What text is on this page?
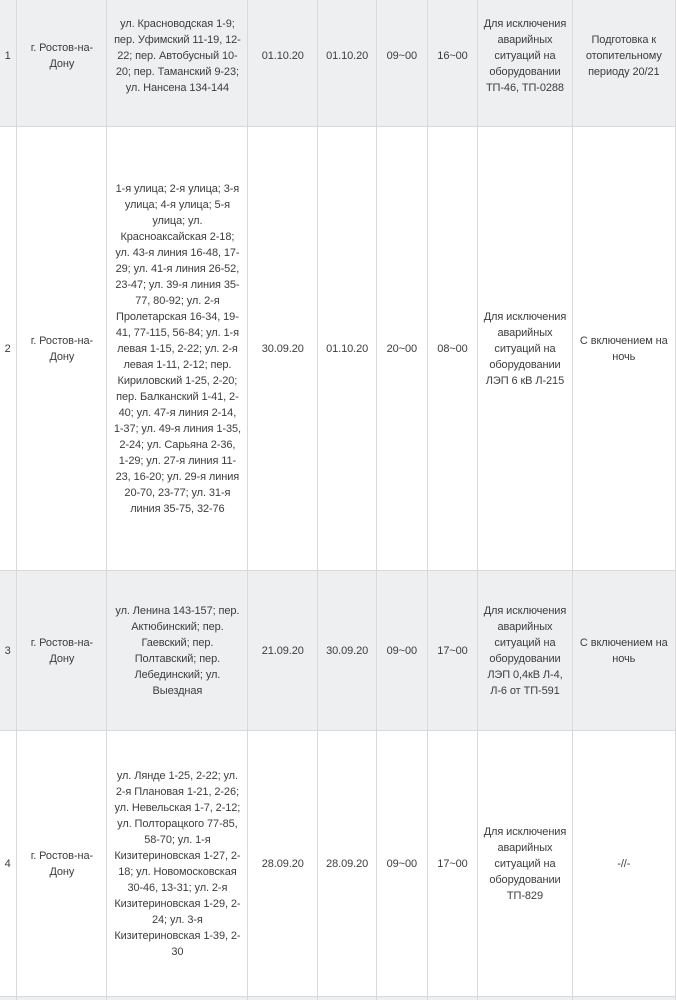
1	г. Ростов-на-Дону	ул. Красноводская 1-9; пер. Уфимский 11-19, 12-22; пер. Автобусный 10-20; пер. Таманский 9-23; ул. Нансена 134-144	01.10.20	01.10.20	09~00	16~00	Для исключения аварийных ситуаций на оборудовании ТП-46, ТП-0288	Подготовка к отопительному периоду 20/21
2	г. Ростов-на-Дону	1-я улица; 2-я улица; 3-я улица; 4-я улица; 5-я улица; ул. Краснoаксайская 2-18; ул. 43-я линия 16-48, 17-29; ул. 41-я линия 26-52, 23-47; ул. 39-я линия 35-77, 80-92; ул. 2-я Пролетарская 16-34, 19-41, 77-115, 56-84; ул. 1-я левая 1-15, 2-22; ул. 2-я левая 1-11, 2-12; пер. Кириловский 1-25, 2-20; пер. Балканский 1-41, 2-40; ул. 47-я линия 2-14, 1-37; ул. 49-я линия 1-35, 2-24; ул. Сарьяна 2-36, 1-29; ул. 27-я линия 11-23, 16-20; ул. 29-я линия 20-70, 23-77; ул. 31-я линия 35-75, 32-76	30.09.20	01.10.20	20~00	08~00	Для исключения аварийных ситуаций на оборудовании ЛЭП 6 кВ Л-215	С включением на ночь
3	г. Ростов-на-Дону	ул. Ленина 143-157; пер. Актюбинский; пер. Гаевский; пер. Полтавский; пер. Лебединский; ул. Выездная	21.09.20	30.09.20	09~00	17~00	Для исключения аварийных ситуаций на оборудовании ЛЭП 0,4кВ Л-4, Л-6 от ТП-591	С включением на ночь
4	г. Ростов-на-Дону	ул. Ляндe 1-25, 2-22; ул. 2-я Плановая 1-21, 2-26; ул. Невельская 1-7, 2-12; ул. Полторацкого 77-85, 58-70; ул. 1-я Кизитериновская 1-27, 2-18; ул. Новомосковская 30-46, 13-31; ул. 2-я Кизитериновская 1-29, 2-24; ул. 3-я Кизитериновская 1-39, 2-30	28.09.20	28.09.20	09~00	17~00	Для исключения аварийных ситуаций на оборудовании ТП-829	-//-
